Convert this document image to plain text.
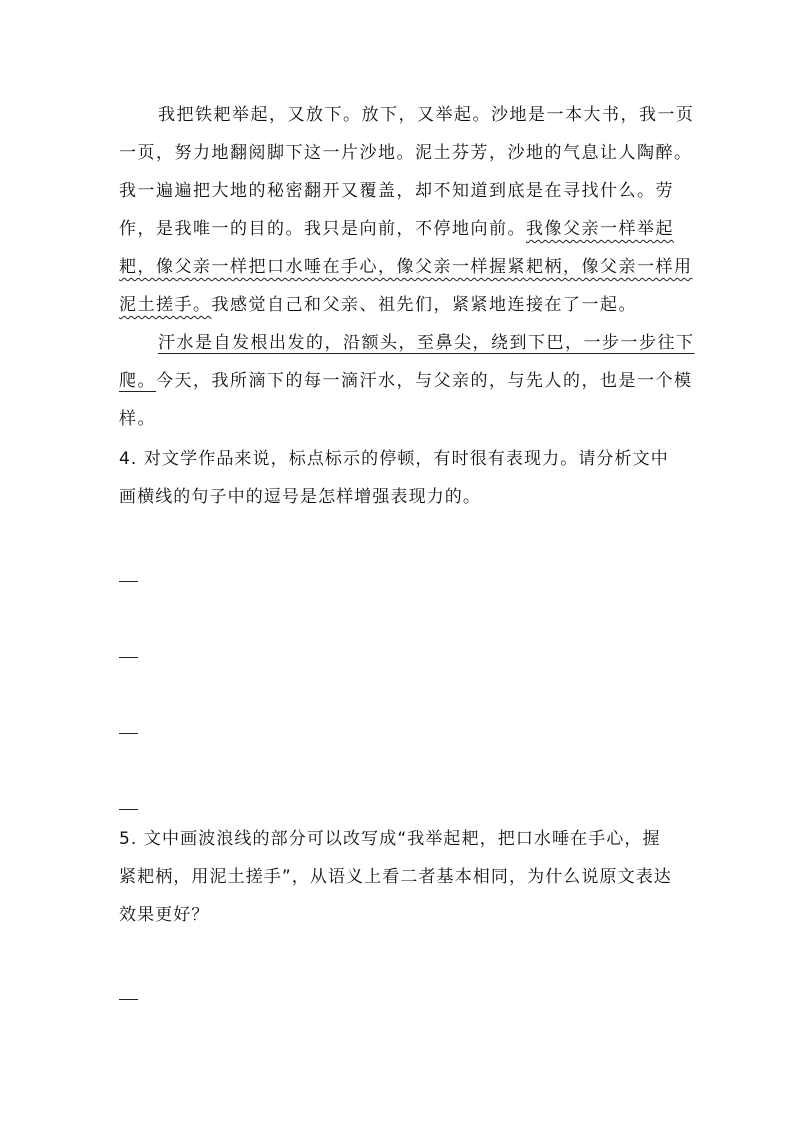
我把铁耙举起，又放下。放下，又举起。沙地是一本大书，我一页
一页，努力地翻阅脚下这一片沙地。泥土芬芳，沙地的气息让人陶醉。
我一遍遍把大地的秘密翻开又覆盖，却不知道到底是在寻找什么。劳
作，是我唯一的目的。我只是向前，不停地向前。我像父亲一样举起
耙，像父亲一样把口水唾在手心，像父亲一样握紧耙柄，像父亲一样用
泥土搓手。我感觉自己和父亲、祖先们，紧紧地连接在了一起。
汗水是自发根出发的，沿额头，至鼻尖，绕到下巴，一步一步往下
爬。今天，我所滴下的每一滴汗水，与父亲的，与先人的，也是一个模
样。
4. 对文学作品来说，标点标示的停顿，有时很有表现力。请分析文中
画横线的句子中的逗号是怎样增强表现力的。
5. 文中画波浪线的部分可以改写成“我举起耙，把口水唾在手心，握
紧耙柄，用泥土搓手”，从语义上看二者基本相同，为什么说原文表达
效果更好？
